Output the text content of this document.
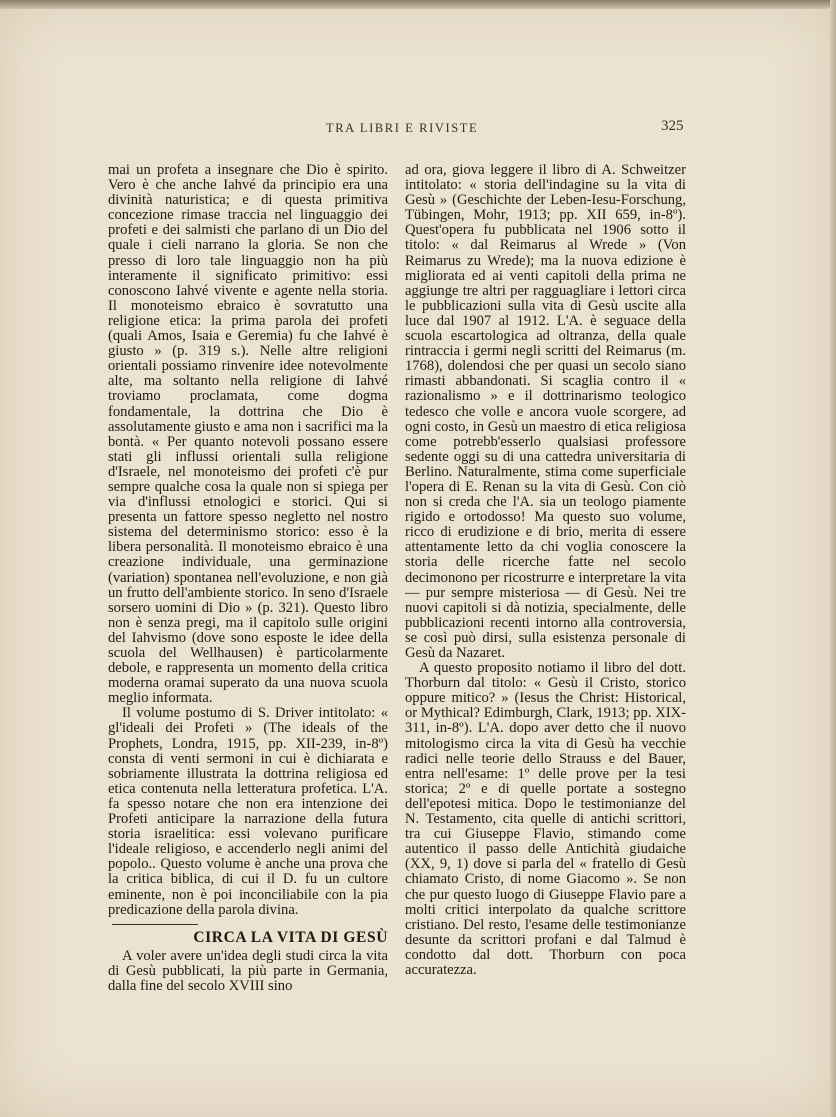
TRA LIBRI E RIVISTE	325

mai un profeta a insegnare che Dio è spirito. Vero è che anche Iahvé da principio era una divinità naturistica; e di questa primitiva concezione rimase traccia nel linguaggio dei profeti e dei salmisti che parlano di un Dio del quale i cieli narrano la gloria. Se non che presso di loro tale linguaggio non ha più interamente il significato primitivo: essi conoscono Iahvé vivente e agente nella storia. Il monoteismo ebraico è sovratutto una religione etica: la prima parola dei profeti (quali Amos, Isaia e Geremia) fu che Iahvé è giusto » (p. 319 s.). Nelle altre religioni orientali possiamo rinvenire idee notevolmente alte, ma soltanto nella religione di Iahvé troviamo proclamata, come dogma fondamentale, la dottrina che Dio è assolutamente giusto e ama non i sacrifici ma la bontà. « Per quanto notevoli possano essere stati gli influssi orientali sulla religione d'Israele, nel monoteismo dei profeti c'è pur sempre qualche cosa la quale non si spiega per via d'influssi etnologici e storici. Qui si presenta un fattore spesso negletto nel nostro sistema del determinismo storico: esso è la libera personalità. Il monoteismo ebraico è una creazione individuale, una germinazione (variation) spontanea nell'evoluzione, e non già un frutto dell'ambiente storico. In seno d'Israele sorsero uomini di Dio » (p. 321). Questo libro non è senza pregi, ma il capitolo sulle origini del Iahvismo (dove sono esposte le idee della scuola del Wellhausen) è particolarmente debole, e rappresenta un momento della critica moderna oramai superato da una nuova scuola meglio informata.

Il volume postumo di S. Driver intitolato: « gl'ideali dei Profeti » (The ideals of the Prophets, Londra, 1915, pp. XII-239, in-8º) consta di venti sermoni in cui è dichiarata e sobriamente illustrata la dottrina religiosa ed etica contenuta nella letteratura profetica. L'A. fa spesso notare che non era intenzione dei Profeti anticipare la narrazione della futura storia israelitica: essi volevano purificare l'ideale religioso, e accenderlo negli animi del popolo.. Questo volume è anche una prova che la critica biblica, di cui il D. fu un cultore eminente, non è poi inconciliabile con la pia predicazione della parola divina.

CIRCA LA VITA DI GESÙ

A voler avere un'idea degli studi circa la vita di Gesù pubblicati, la più parte in Germania, dalla fine del secolo XVIII sino

ad ora, giova leggere il libro di A. Schweitzer intitolato: « storia dell'indagine su la vita di Gesù » (Geschichte der Leben-Iesu-Forschung, Tübingen, Mohr, 1913; pp. XII 659, in-8º). Quest'opera fu pubblicata nel 1906 sotto il titolo: « dal Reimarus al Wrede » (Von Reimarus zu Wrede); ma la nuova edizione è migliorata ed ai venti capitoli della prima ne aggiunge tre altri per ragguagliare i lettori circa le pubblicazioni sulla vita di Gesù uscite alla luce dal 1907 al 1912. L'A. è seguace della scuola escartologica ad oltranza, della quale rintraccia i germi negli scritti del Reimarus (m. 1768), dolendosi che per quasi un secolo siano rimasti abbandonati. Si scaglia contro il « razionalismo » e il dottrinarismo teologico tedesco che volle e ancora vuole scorgere, ad ogni costo, in Gesù un maestro di etica religiosa come potrebb'esserlo qualsiasi professore sedente oggi su di una cattedra universitaria di Berlino. Naturalmente, stima come superficiale l'opera di E. Renan su la vita di Gesù. Con ciò non si creda che l'A. sia un teologo piamente rigido e ortodosso! Ma questo suo volume, ricco di erudizione e di brio, merita di essere attentamente letto da chi voglia conoscere la storia delle ricerche fatte nel secolo decimonono per ricostrurre e interpretare la vita — pur sempre misteriosa — di Gesù. Nei tre nuovi capitoli si dà notizia, specialmente, delle pubblicazioni recenti intorno alla controversia, se così può dirsi, sulla esistenza personale di Gesù da Nazaret.

A questo proposito notiamo il libro del dott. Thorburn dal titolo: « Gesù il Cristo, storico oppure mitico? » (Iesus the Christ: Historical, or Mythical? Edimburgh, Clark, 1913; pp. XIX-311, in-8º). L'A. dopo aver detto che il nuovo mitologismo circa la vita di Gesù ha vecchie radici nelle teorie dello Strauss e del Bauer, entra nell'esame: 1º delle prove per la tesi storica; 2º e di quelle portate a sostegno dell'epotesi mitica. Dopo le testimonianze del N. Testamento, cita quelle di antichi scrittori, tra cui Giuseppe Flavio, stimando come autentico il passo delle Antichità giudaiche (XX, 9, 1) dove si parla del « fratello di Gesù chiamato Cristo, di nome Giacomo ». Se non che pur questo luogo di Giuseppe Flavio pare a molti critici interpolato da qualche scrittore cristiano. Del resto, l'esame delle testimonianze desunte da scrittori profani e dal Talmud è condotto dal dott. Thorburn con poca accuratezza.
